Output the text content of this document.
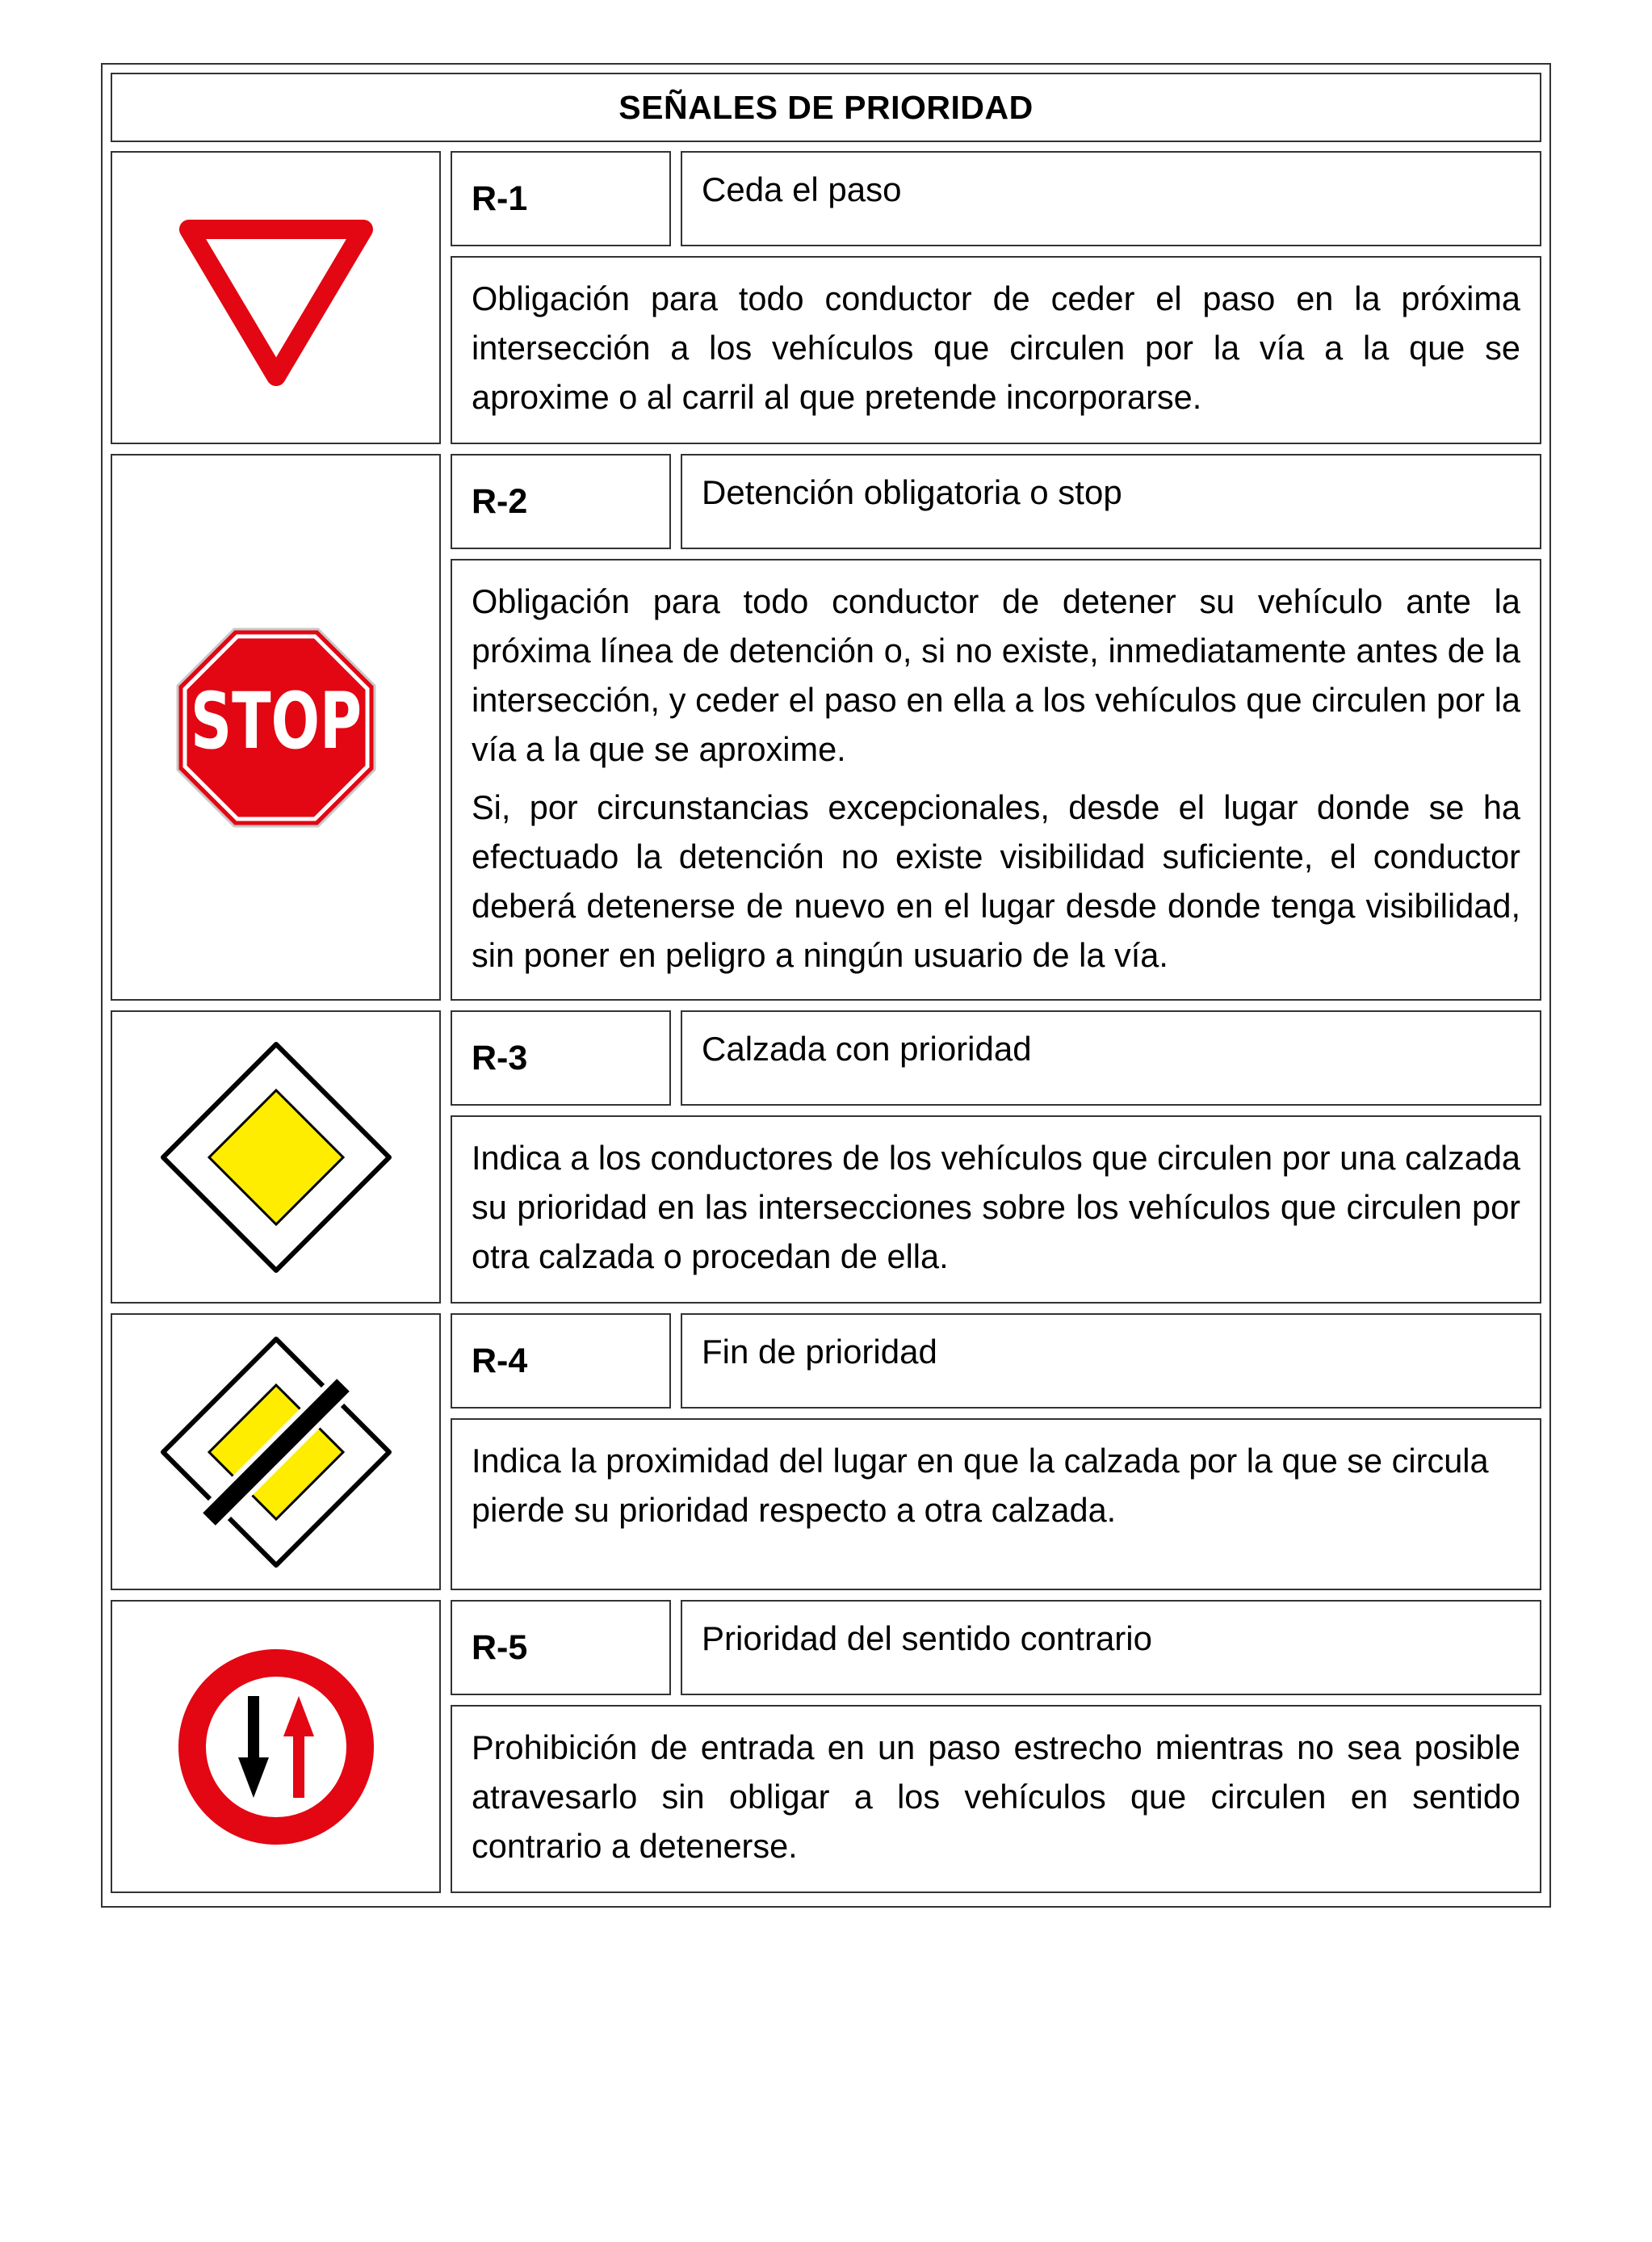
SEÑALES DE PRIORIDAD
R-1	Ceda el paso

Obligación para todo conductor de ceder el paso en la próxima intersección a los vehículos que circulen por la vía a la que se aproxime o al carril al que pretende incorporarse.

STOP
R-2	Detención obligatoria o stop

Obligación para todo conductor de detener su vehículo ante la próxima línea de detención o, si no existe, inmediatamente antes de la intersección, y ceder el paso en ella a los vehículos que circulen por la vía a la que se aproxime.

Si, por circunstancias excepcionales, desde el lugar donde se ha efectuado la detención no existe visibilidad suficiente, el conductor deberá detenerse de nuevo en el lugar desde donde tenga visibilidad, sin poner en peligro a ningún usuario de la vía.

R-3	Calzada con prioridad

Indica a los conductores de los vehículos que circulen por una calzada su prioridad en las intersecciones sobre los vehículos que circulen por otra calzada o procedan de ella.

R-4	Fin de prioridad

Indica la proximidad del lugar en que la calzada por la que se circula pierde su prioridad respecto a otra calzada.

R-5	Prioridad del sentido contrario

Prohibición de entrada en un paso estrecho mientras no sea posible atravesarlo sin obligar a los vehículos que circulen en sentido contrario a detenerse.
